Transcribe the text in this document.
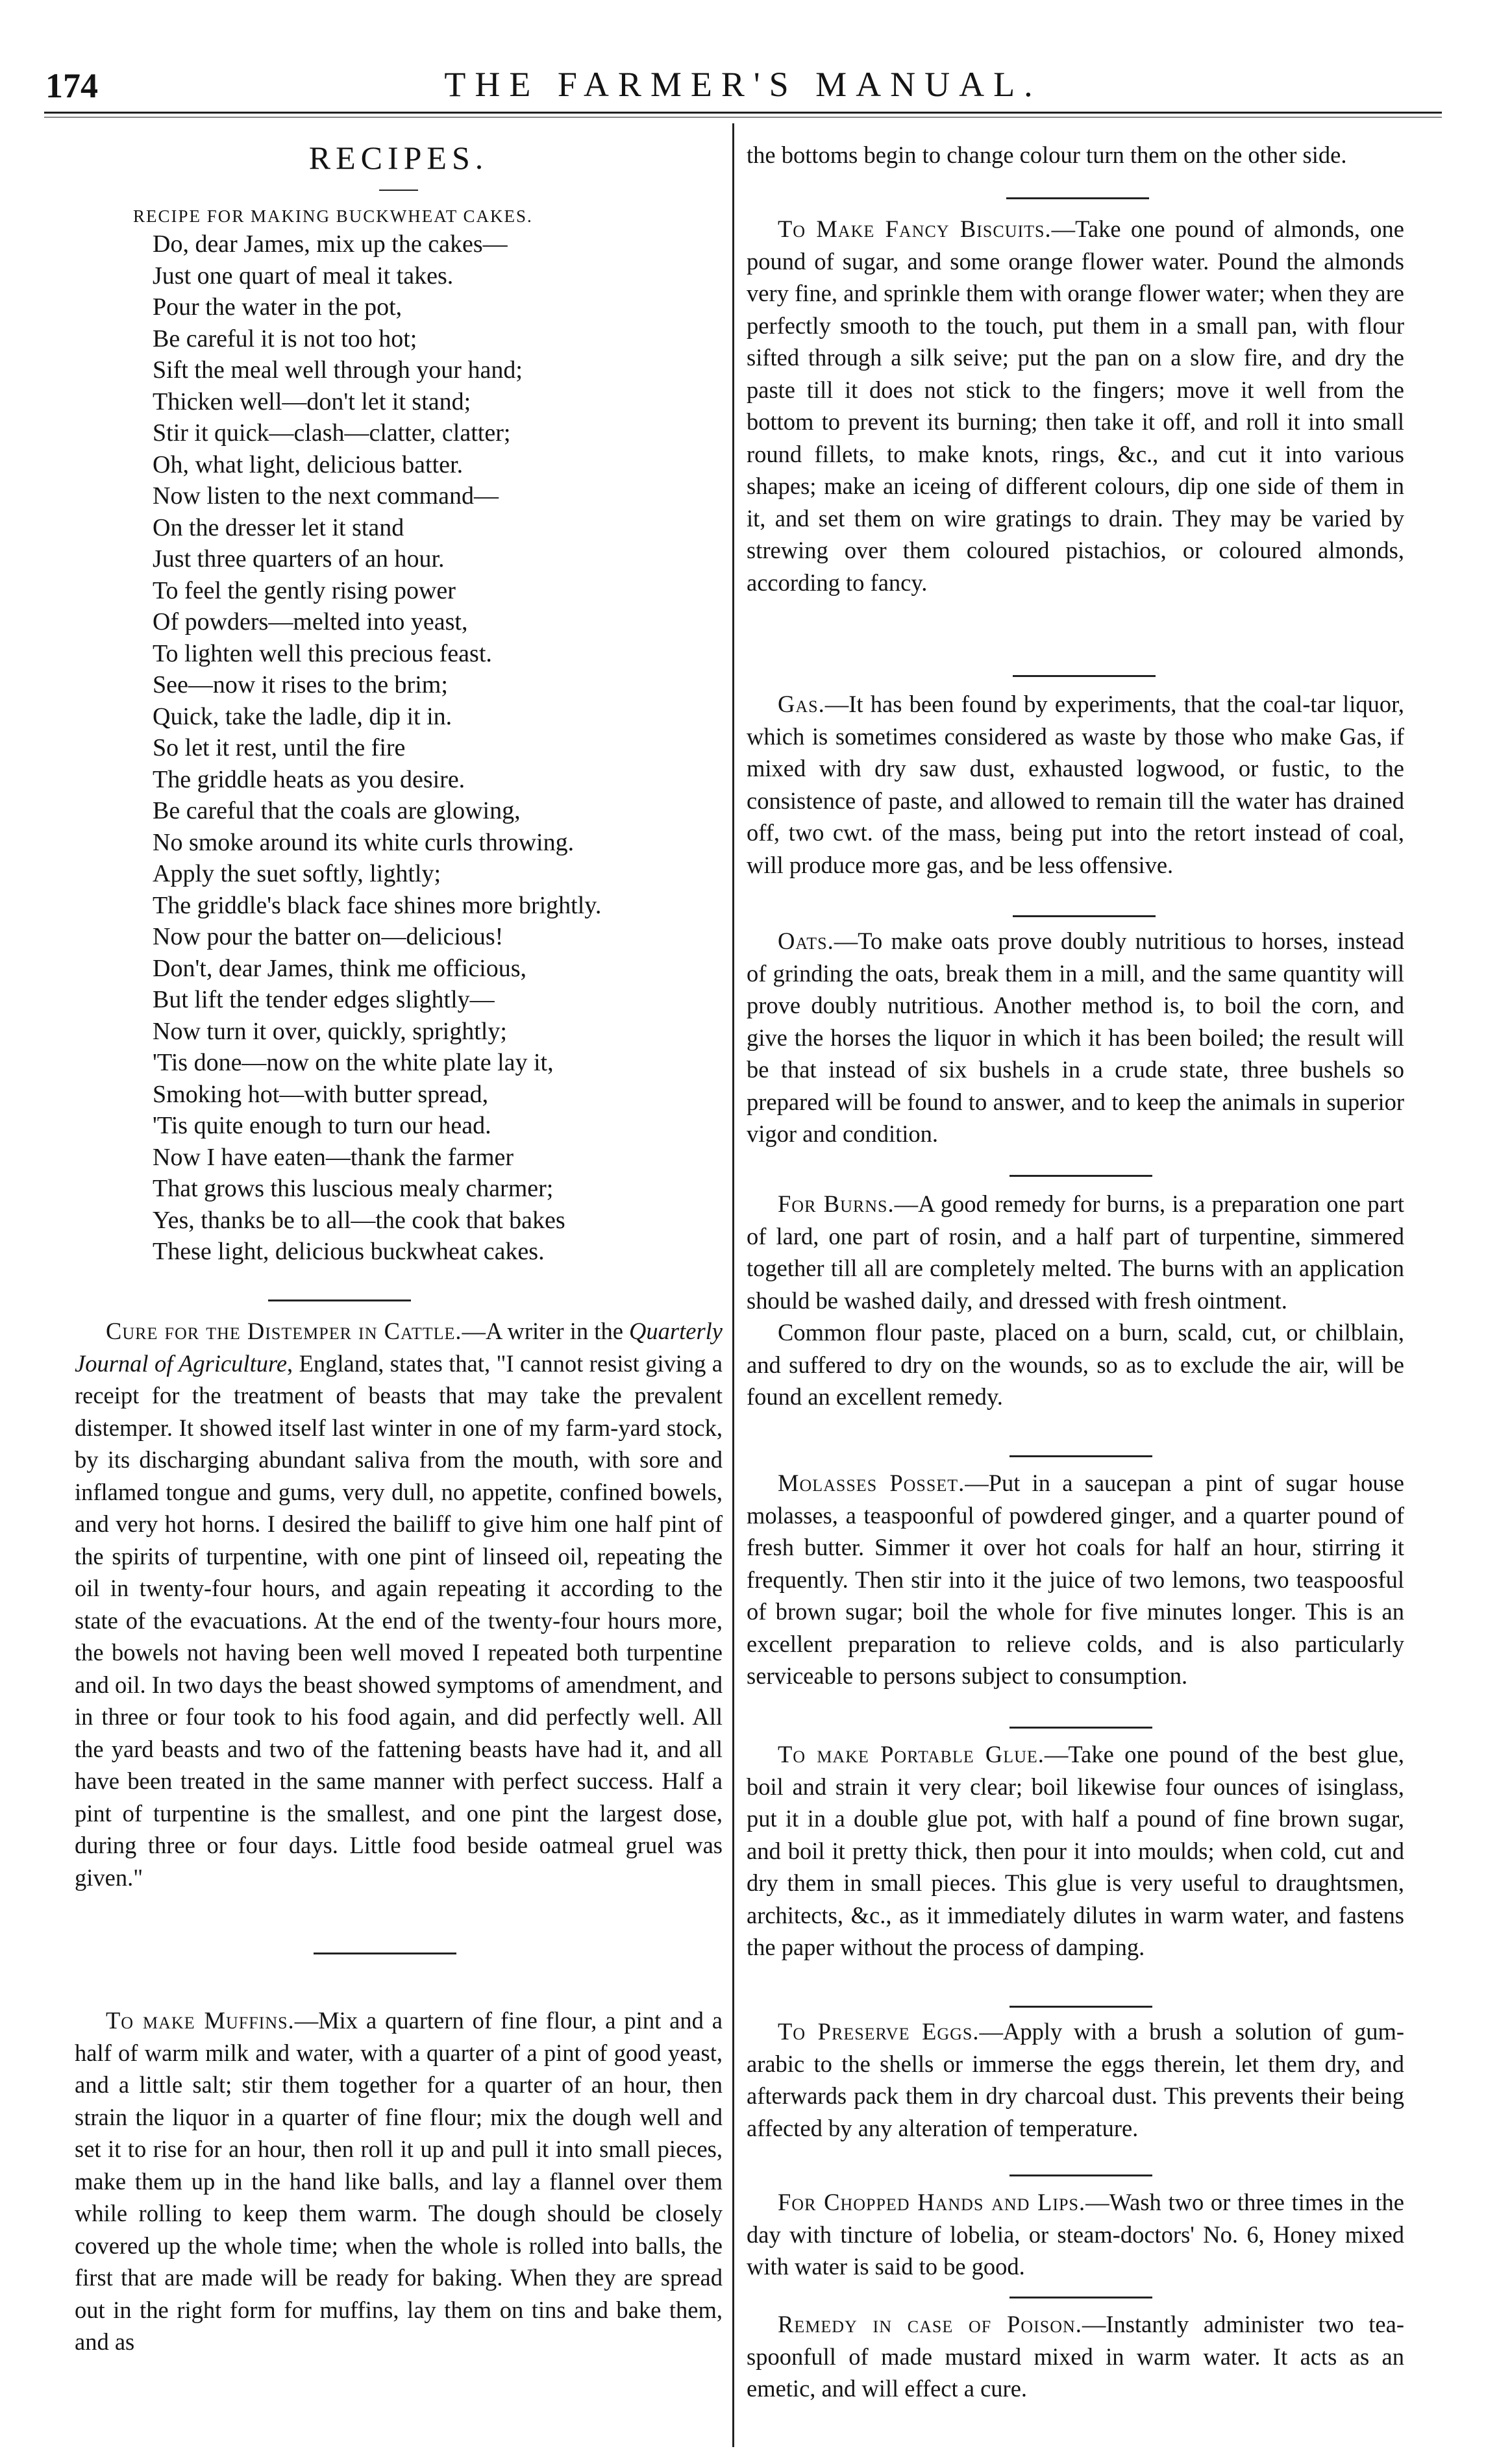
174	THE FARMER'S MANUAL.
RECIPES.
RECIPE FOR MAKING BUCKWHEAT CAKES.
Do, dear James, mix up the cakes—
Just one quart of meal it takes.
Pour the water in the pot,
Be careful it is not too hot;
Sift the meal well through your hand;
Thicken well—don't let it stand;
Stir it quick—clash—clatter, clatter;
Oh, what light, delicious batter.
Now listen to the next command—
On the dresser let it stand
Just three quarters of an hour.
To feel the gently rising power
Of powders—melted into yeast,
To lighten well this precious feast.
See—now it rises to the brim;
Quick, take the ladle, dip it in.
So let it rest, until the fire
The griddle heats as you desire.
Be careful that the coals are glowing,
No smoke around its white curls throwing.
Apply the suet softly, lightly;
The griddle's black face shines more brightly.
Now pour the batter on—delicious!
Don't, dear James, think me officious,
But lift the tender edges slightly—
Now turn it over, quickly, sprightly;
'Tis done—now on the white plate lay it,
Smoking hot—with butter spread,
'Tis quite enough to turn our head.
Now I have eaten—thank the farmer
That grows this luscious mealy charmer;
Yes, thanks be to all—the cook that bakes
These light, delicious buckwheat cakes.

Cure for the Distemper in Cattle.—A writer in the Quarterly Journal of Agriculture, England, states that, "I cannot resist giving a receipt for the treatment of beasts that may take the prevalent distemper. It showed itself last winter in one of my farm-yard stock, by its discharging abundant saliva from the mouth, with sore and inflamed tongue and gums, very dull, no appetite, confined bowels, and very hot horns. I desired the bailiff to give him one half pint of the spirits of turpentine, with one pint of linseed oil, repeating the oil in twenty-four hours, and again repeating it according to the state of the evacuations. At the end of the twenty-four hours more, the bowels not having been well moved I repeated both turpentine and oil. In two days the beast showed symptoms of amendment, and in three or four took to his food again, and did perfectly well. All the yard beasts and two of the fattening beasts have had it, and all have been treated in the same manner with perfect success. Half a pint of turpentine is the smallest, and one pint the largest dose, during three or four days. Little food beside oatmeal gruel was given."

To make Muffins.—Mix a quartern of fine flour, a pint and a half of warm milk and water, with a quarter of a pint of good yeast, and a little salt; stir them together for a quarter of an hour, then strain the liquor in a quarter of fine flour; mix the dough well and set it to rise for an hour, then roll it up and pull it into small pieces, make them up in the hand like balls, and lay a flannel over them while rolling to keep them warm. The dough should be closely covered up the whole time; when the whole is rolled into balls, the first that are made will be ready for baking. When they are spread out in the right form for muffins, lay them on tins and bake them, and as

the bottoms begin to change colour turn them on the other side.

To Make Fancy Biscuits.—Take one pound of almonds, one pound of sugar, and some orange flower water. Pound the almonds very fine, and sprinkle them with orange flower water; when they are perfectly smooth to the touch, put them in a small pan, with flour sifted through a silk seive; put the pan on a slow fire, and dry the paste till it does not stick to the fingers; move it well from the bottom to prevent its burning; then take it off, and roll it into small round fillets, to make knots, rings, &c., and cut it into various shapes; make an iceing of different colours, dip one side of them in it, and set them on wire gratings to drain. They may be varied by strewing over them coloured pistachios, or coloured almonds, according to fancy.

Gas.—It has been found by experiments, that the coal-tar liquor, which is sometimes considered as waste by those who make Gas, if mixed with dry saw dust, exhausted logwood, or fustic, to the consistence of paste, and allowed to remain till the water has drained off, two cwt. of the mass, being put into the retort instead of coal, will produce more gas, and be less offensive.

Oats.—To make oats prove doubly nutritious to horses, instead of grinding the oats, break them in a mill, and the same quantity will prove doubly nutritious. Another method is, to boil the corn, and give the horses the liquor in which it has been boiled; the result will be that instead of six bushels in a crude state, three bushels so prepared will be found to answer, and to keep the animals in superior vigor and condition.

For Burns.—A good remedy for burns, is a preparation one part of lard, one part of rosin, and a half part of turpentine, simmered together till all are completely melted. The burns with an application should be washed daily, and dressed with fresh ointment.

Common flour paste, placed on a burn, scald, cut, or chilblain, and suffered to dry on the wounds, so as to exclude the air, will be found an excellent remedy.

Molasses Posset.—Put in a saucepan a pint of sugar house molasses, a teaspoonful of powdered ginger, and a quarter pound of fresh butter. Simmer it over hot coals for half an hour, stirring it frequently. Then stir into it the juice of two lemons, two teaspoosful of brown sugar; boil the whole for five minutes longer. This is an excellent preparation to relieve colds, and is also particularly serviceable to persons subject to consumption.

To make Portable Glue.—Take one pound of the best glue, boil and strain it very clear; boil likewise four ounces of isinglass, put it in a double glue pot, with half a pound of fine brown sugar, and boil it pretty thick, then pour it into moulds; when cold, cut and dry them in small pieces. This glue is very useful to draughtsmen, architects, &c., as it immediately dilutes in warm water, and fastens the paper without the process of damping.

To Preserve Eggs.—Apply with a brush a solution of gum-arabic to the shells or immerse the eggs therein, let them dry, and afterwards pack them in dry charcoal dust. This prevents their being affected by any alteration of temperature.

For Chopped Hands and Lips.—Wash two or three times in the day with tincture of lobelia, or steam-doctors' No. 6, Honey mixed with water is said to be good.

Remedy in case of Poison.—Instantly administer two tea-spoonfull of made mustard mixed in warm water. It acts as an emetic, and will effect a cure.
